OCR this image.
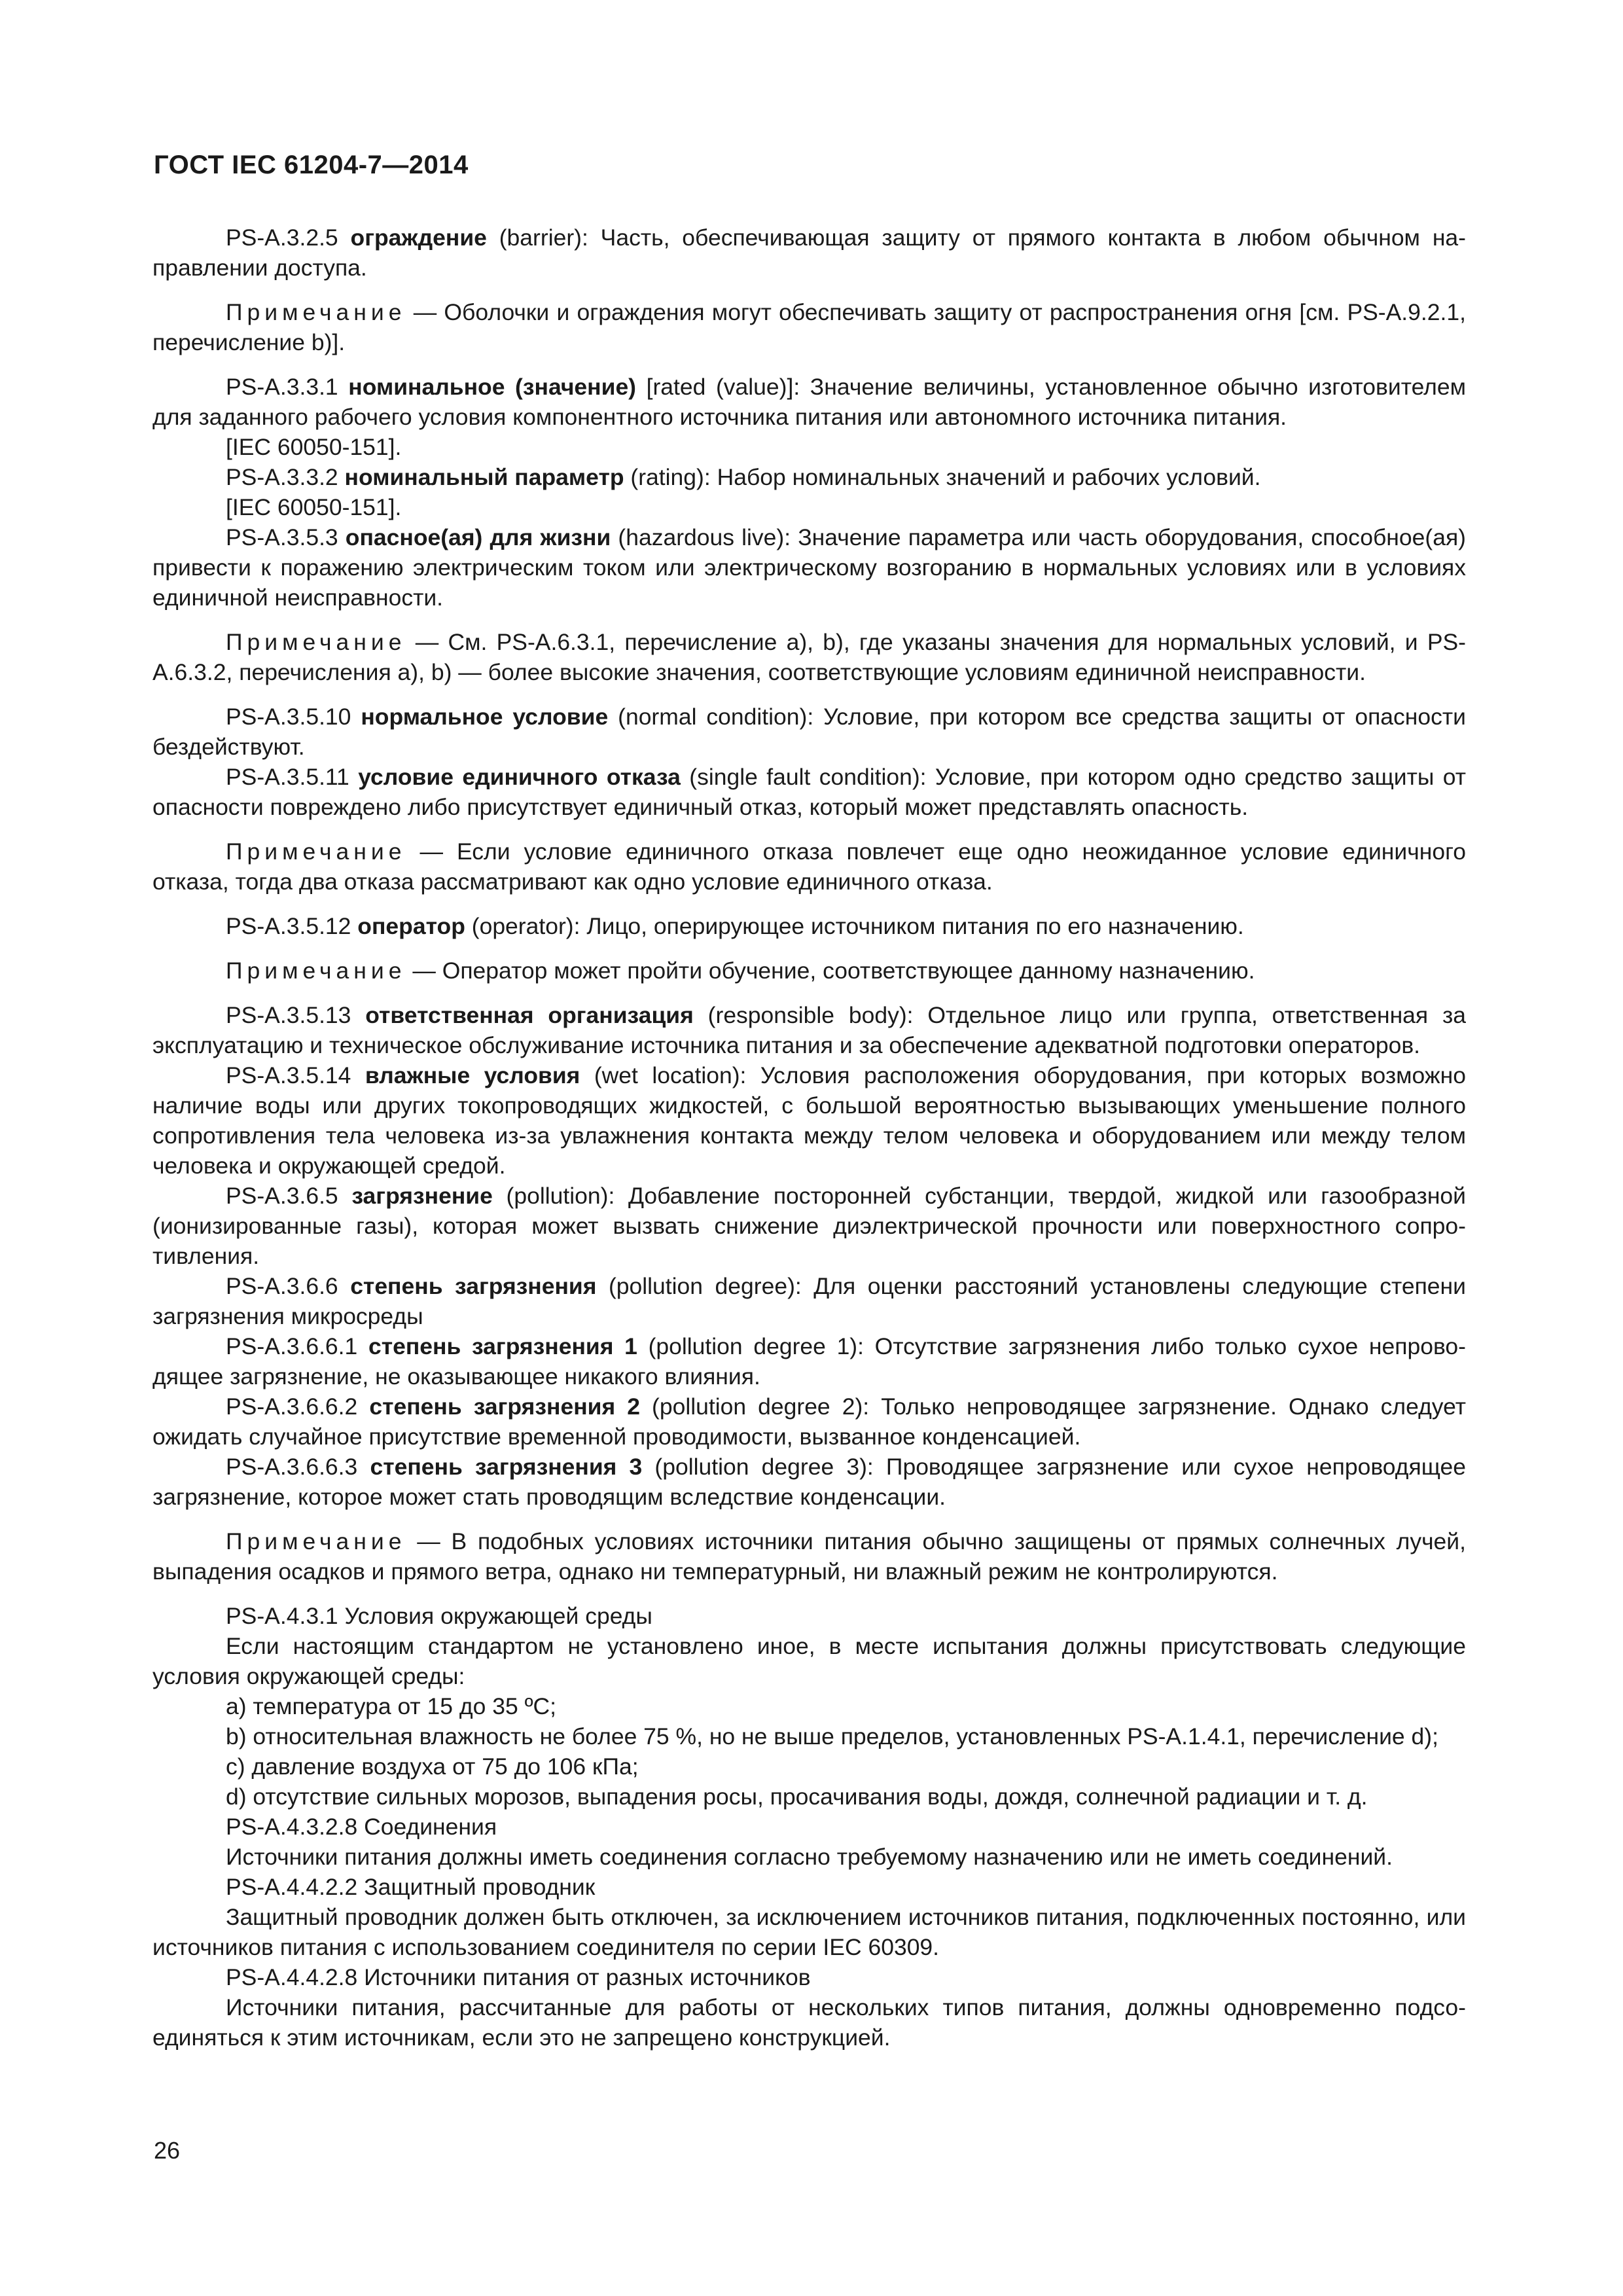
ГОСТ IEC 61204-7—2014

PS-A.3.2.5 ограждение (barrier): Часть, обеспечивающая защиту от прямого контакта в любом обычном направлении доступа.

Примечание — Оболочки и ограждения могут обеспечивать защиту от распространения огня [см. PS-A.9.2.1, перечисление b)].

PS-A.3.3.1 номинальное (значение) [rated (value)]: Значение величины, установленное обычно изготовителем для заданного рабочего условия компонентного источника питания или автономного источника питания.

[IEC 60050-151].

PS-A.3.3.2 номинальный параметр (rating): Набор номинальных значений и рабочих условий.

[IEC 60050-151].

PS-A.3.5.3 опасное(ая) для жизни (hazardous live): Значение параметра или часть оборудования, способное(ая) привести к поражению электрическим током или электрическому возгоранию в нормальных условиях или в условиях единичной неисправности.

Примечание — См. PS-A.6.3.1, перечисление a), b), где указаны значения для нормальных условий, и PS-A.6.3.2, перечисления a), b) — более высокие значения, соответствующие условиям единичной неисправности.

PS-A.3.5.10 нормальное условие (normal condition): Условие, при котором все средства защиты от опасности бездействуют.

PS-A.3.5.11 условие единичного отказа (single fault condition): Условие, при котором одно средство защиты от опасности повреждено либо присутствует единичный отказ, который может представлять опасность.

Примечание — Если условие единичного отказа повлечет еще одно неожиданное условие единичного отказа, тогда два отказа рассматривают как одно условие единичного отказа.

PS-A.3.5.12 оператор (operator): Лицо, оперирующее источником питания по его назначению.

Примечание — Оператор может пройти обучение, соответствующее данному назначению.

PS-A.3.5.13 ответственная организация (responsible body): Отдельное лицо или группа, ответственная за эксплуатацию и техническое обслуживание источника питания и за обеспечение адекватной подготовки операторов.

PS-A.3.5.14 влажные условия (wet location): Условия расположения оборудования, при которых возможно наличие воды или других токопроводящих жидкостей, с большой вероятностью вызывающих уменьшение полного сопротивления тела человека из-за увлажнения контакта между телом человека и оборудованием или между телом человека и окружающей средой.

PS-A.3.6.5 загрязнение (pollution): Добавление посторонней субстанции, твердой, жидкой или газообразной (ионизированные газы), которая может вызвать снижение диэлектрической прочности или поверхностного сопротивления.

PS-A.3.6.6 степень загрязнения (pollution degree): Для оценки расстояний установлены следующие степени загрязнения микросреды

PS-A.3.6.6.1 степень загрязнения 1 (pollution degree 1): Отсутствие загрязнения либо только сухое непроводящее загрязнение, не оказывающее никакого влияния.

PS-A.3.6.6.2 степень загрязнения 2 (pollution degree 2): Только непроводящее загрязнение. Однако следует ожидать случайное присутствие временной проводимости, вызванное конденсацией.

PS-A.3.6.6.3 степень загрязнения 3 (pollution degree 3): Проводящее загрязнение или сухое непроводящее загрязнение, которое может стать проводящим вследствие конденсации.

Примечание — В подобных условиях источники питания обычно защищены от прямых солнечных лучей, выпадения осадков и прямого ветра, однако ни температурный, ни влажный режим не контролируются.

PS-A.4.3.1 Условия окружающей среды

Если настоящим стандартом не установлено иное, в месте испытания должны присутствовать следующие условия окружающей среды:

a) температура от 15 до 35 ºС;

b) относительная влажность не более 75 %, но не выше пределов, установленных PS-A.1.4.1, перечисление d);

c) давление воздуха от 75 до 106 кПа;

d) отсутствие сильных морозов, выпадения росы, просачивания воды, дождя, солнечной радиации и т. д.

PS-A.4.3.2.8 Соединения

Источники питания должны иметь соединения согласно требуемому назначению или не иметь соединений.

PS-A.4.4.2.2 Защитный проводник

Защитный проводник должен быть отключен, за исключением источников питания, подключенных постоянно, или источников питания с использованием соединителя по серии IEC 60309.

PS-A.4.4.2.8 Источники питания от разных источников

Источники питания, рассчитанные для работы от нескольких типов питания, должны одновременно подсоединяться к этим источникам, если это не запрещено конструкцией.

26
